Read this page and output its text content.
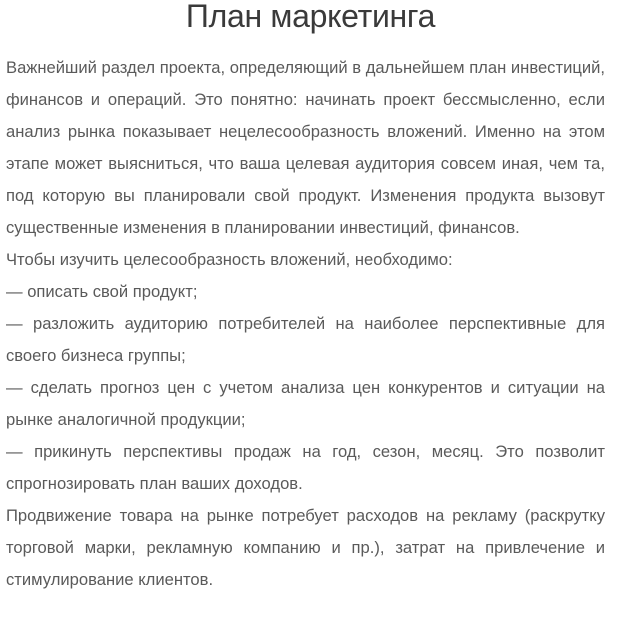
План маркетинга

Важнейший раздел проекта, определяющий в дальнейшем план инвестиций, финансов и операций. Это понятно: начинать проект бессмысленно, если анализ рынка показывает нецелесообразность вложений. Именно на этом этапе может выясниться, что ваша целевая аудитория совсем иная, чем та, под которую вы планировали свой продукт. Изменения продукта вызовут существенные изменения в планировании инвестиций, финансов.

Чтобы изучить целесообразность вложений, необходимо:

— описать свой продукт;

— разложить аудиторию потребителей на наиболее перспективные для своего бизнеса группы;

— сделать прогноз цен с учетом анализа цен конкурентов и ситуации на рынке аналогичной продукции;

— прикинуть перспективы продаж на год, сезон, месяц. Это позволит спрогнозировать план ваших доходов.

Продвижение товара на рынке потребует расходов на рекламу (раскрутку торговой марки, рекламную компанию и пр.), затрат на привлечение и стимулирование клиентов.
